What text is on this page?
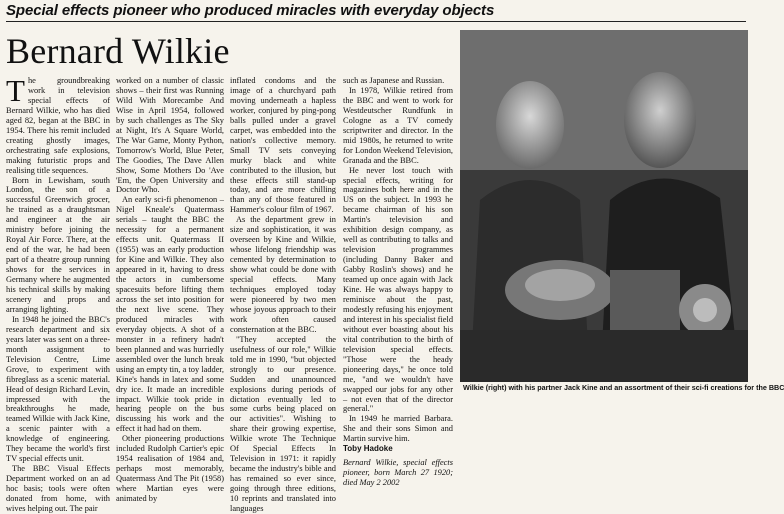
Special effects pioneer who produced miracles with everyday objects
Bernard Wilkie

The groundbreaking work in television special effects of Bernard Wilkie, who has died aged 82, began at the BBC in 1954. There his remit included creating ghostly images, orchestrating safe explosions, making futuristic props and realising title sequences.

Born in Lewisham, south London, the son of a successful Greenwich grocer, he trained as a draughtsman and engineer at the air ministry before joining the Royal Air Force. There, at the end of the war, he had been part of a theatre group running shows for the services in Germany where he augmented his technical skills by making scenery and props and arranging lighting.

In 1948 he joined the BBC's research department and six years later was sent on a three-month assignment to Television Centre, Lime Grove, to experiment with fibreglass as a scenic material. Head of design Richard Levin, impressed with the breakthroughs he made, teamed Wilkie with Jack Kine, a scenic painter with a knowledge of engineering. They became the world's first TV special effects unit.

The BBC Visual Effects Department worked on an ad hoc basis; tools were often donated from home, with wives helping out. The pair

worked on a number of classic shows – their first was Running Wild With Morecambe And Wise in April 1954, followed by such challenges as The Sky at Night, It's A Square World, The War Game, Monty Python, Tomorrow's World, Blue Peter, The Goodies, The Dave Allen Show, Some Mothers Do 'Ave 'Em, the Open University and Doctor Who.

An early sci-fi phenomenon – Nigel Kneale's Quatermass serials – taught the BBC the necessity for a permanent effects unit. Quatermass II (1955) was an early production for Kine and Wilkie. They also appeared in it, having to dress the actors in cumbersome spacesuits before lifting them across the set into position for the next live scene. They produced miracles with everyday objects. A shot of a monster in a refinery hadn't been planned and was hurriedly assembled over the lunch break using an empty tin, a toy ladder, Kine's hands in latex and some dry ice. It made an incredible impact. Wilkie took pride in hearing people on the bus discussing his work and the effect it had had on them.

Other pioneering productions included Rudolph Cartier's epic 1954 realisation of 1984 and, perhaps most memorably, Quatermass And The Pit (1958) where Martian eyes were animated by

inflated condoms and the image of a churchyard path moving underneath a hapless worker, conjured by ping-pong balls pulled under a gravel carpet, was embedded into the nation's collective memory. Small TV sets conveying murky black and white contributed to the illusion, but these effects still stand-up today, and are more chilling than any of those featured in Hammer's colour film of 1967.

As the department grew in size and sophistication, it was overseen by Kine and Wilkie, whose lifelong friendship was cemented by determination to show what could be done with special effects. Many techniques employed today were pioneered by two men whose joyous approach to their work often caused consternation at the BBC.

"They accepted the usefulness of our role," Wilkie told me in 1990, "but objected strongly to our presence. Sudden and unannounced explosions during periods of dictation eventually led to some curbs being placed on our activities". Wishing to share their growing expertise, Wilkie wrote The Technique Of Special Effects In Television in 1971: it rapidly became the industry's bible and has remained so ever since, going through three editions, 10 reprints and translated into languages

such as Japanese and Russian.

In 1978, Wilkie retired from the BBC and went to work for Westdeutscher Rundfunk in Cologne as a TV comedy scriptwriter and director. In the mid 1980s, he returned to write for London Weekend Television, Granada and the BBC.

He never lost touch with special effects, writing for magazines both here and in the US on the subject. In 1993 he became chairman of his son Martin's television and exhibition design company, as well as contributing to talks and television programmes (including Danny Baker and Gabby Roslin's shows) and he teamed up once again with Jack Kine. He was always happy to reminisce about the past, modestly refusing his enjoyment and interest in his specialist field without ever boasting about his vital contribution to the birth of television special effects. "Those were the heady pioneering days," he once told me, "and we wouldn't have swapped our jobs for any other – not even that of the director general."

In 1949 he married Barbara. She and their sons Simon and Martin survive him.

Toby Hadoke

Bernard Wilkie, special effects pioneer, born March 27 1920; died May 2 2002

Wilkie (right) with his partner Jack Kine and an assortment of their sci-fi creations for the BBC
